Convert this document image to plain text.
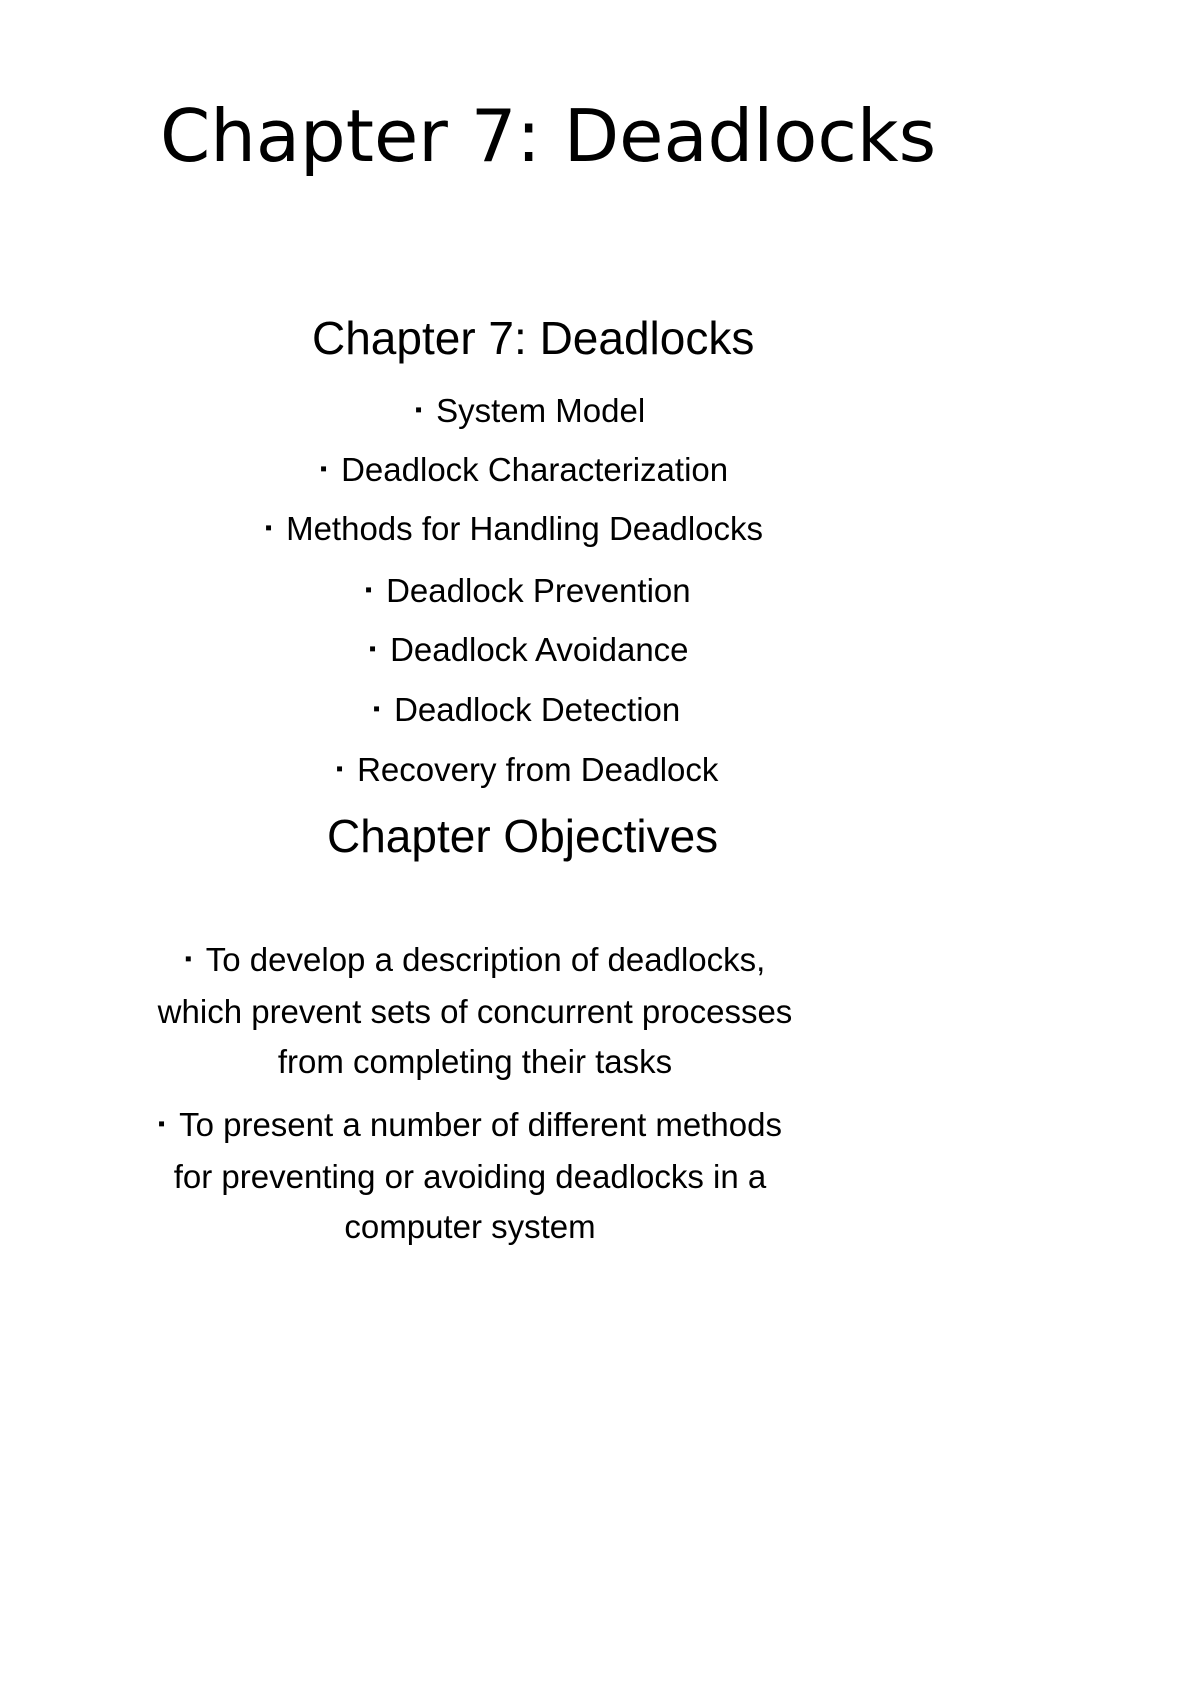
Chapter 7: Deadlocks
Chapter 7: Deadlocks
▪ System Model
▪ Deadlock Characterization
▪ Methods for Handling Deadlocks
▪ Deadlock Prevention
▪ Deadlock Avoidance
▪ Deadlock Detection
▪ Recovery from Deadlock
Chapter Objectives
▪ To develop a description of deadlocks,
which prevent sets of concurrent processes
from completing their tasks
▪ To present a number of different methods
for preventing or avoiding deadlocks in a
computer system
